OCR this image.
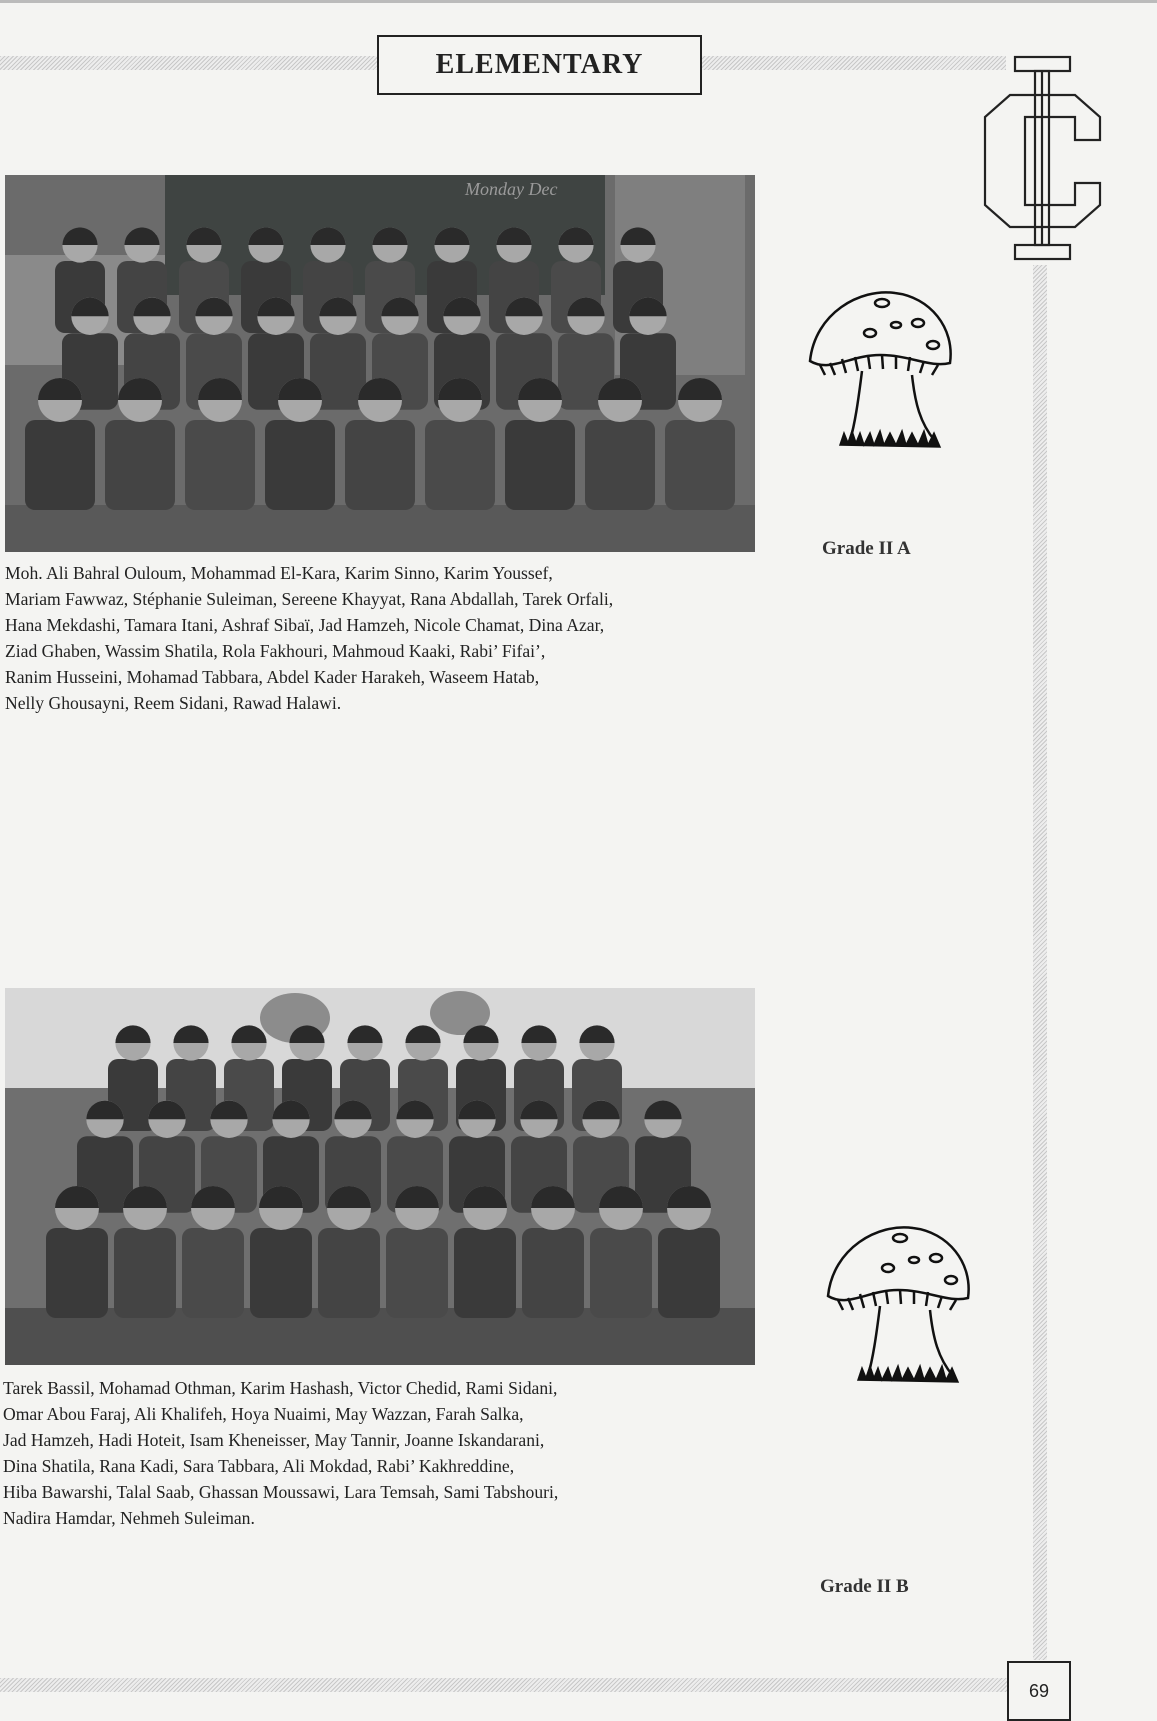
ELEMENTARY
Monday Dec
Moh. Ali Bahral Ouloum, Mohammad El-Kara, Karim Sinno, Karim Youssef,
Mariam Fawwaz, Stéphanie Suleiman, Sereene Khayyat, Rana Abdallah, Tarek Orfali,
Hana Mekdashi, Tamara Itani, Ashraf Sibaï, Jad Hamzeh, Nicole Chamat, Dina Azar,
Ziad Ghaben, Wassim Shatila, Rola Fakhouri, Mahmoud Kaaki, Rabi’ Fifai’,
Ranim Husseini, Mohamad Tabbara, Abdel Kader Harakeh, Waseem Hatab,
Nelly Ghousayni, Reem Sidani, Rawad Halawi.
Grade II A
Tarek Bassil, Mohamad Othman, Karim Hashash, Victor Chedid, Rami Sidani,
Omar Abou Faraj, Ali Khalifeh, Hoya Nuaimi, May Wazzan, Farah Salka,
Jad Hamzeh, Hadi Hoteit, Isam Kheneisser, May Tannir, Joanne Iskandarani,
Dina Shatila, Rana Kadi, Sara Tabbara, Ali Mokdad, Rabi’ Kakhreddine,
Hiba Bawarshi, Talal Saab, Ghassan Moussawi, Lara Temsah, Sami Tabshouri,
Nadira Hamdar, Nehmeh Suleiman.
Grade II B
69
